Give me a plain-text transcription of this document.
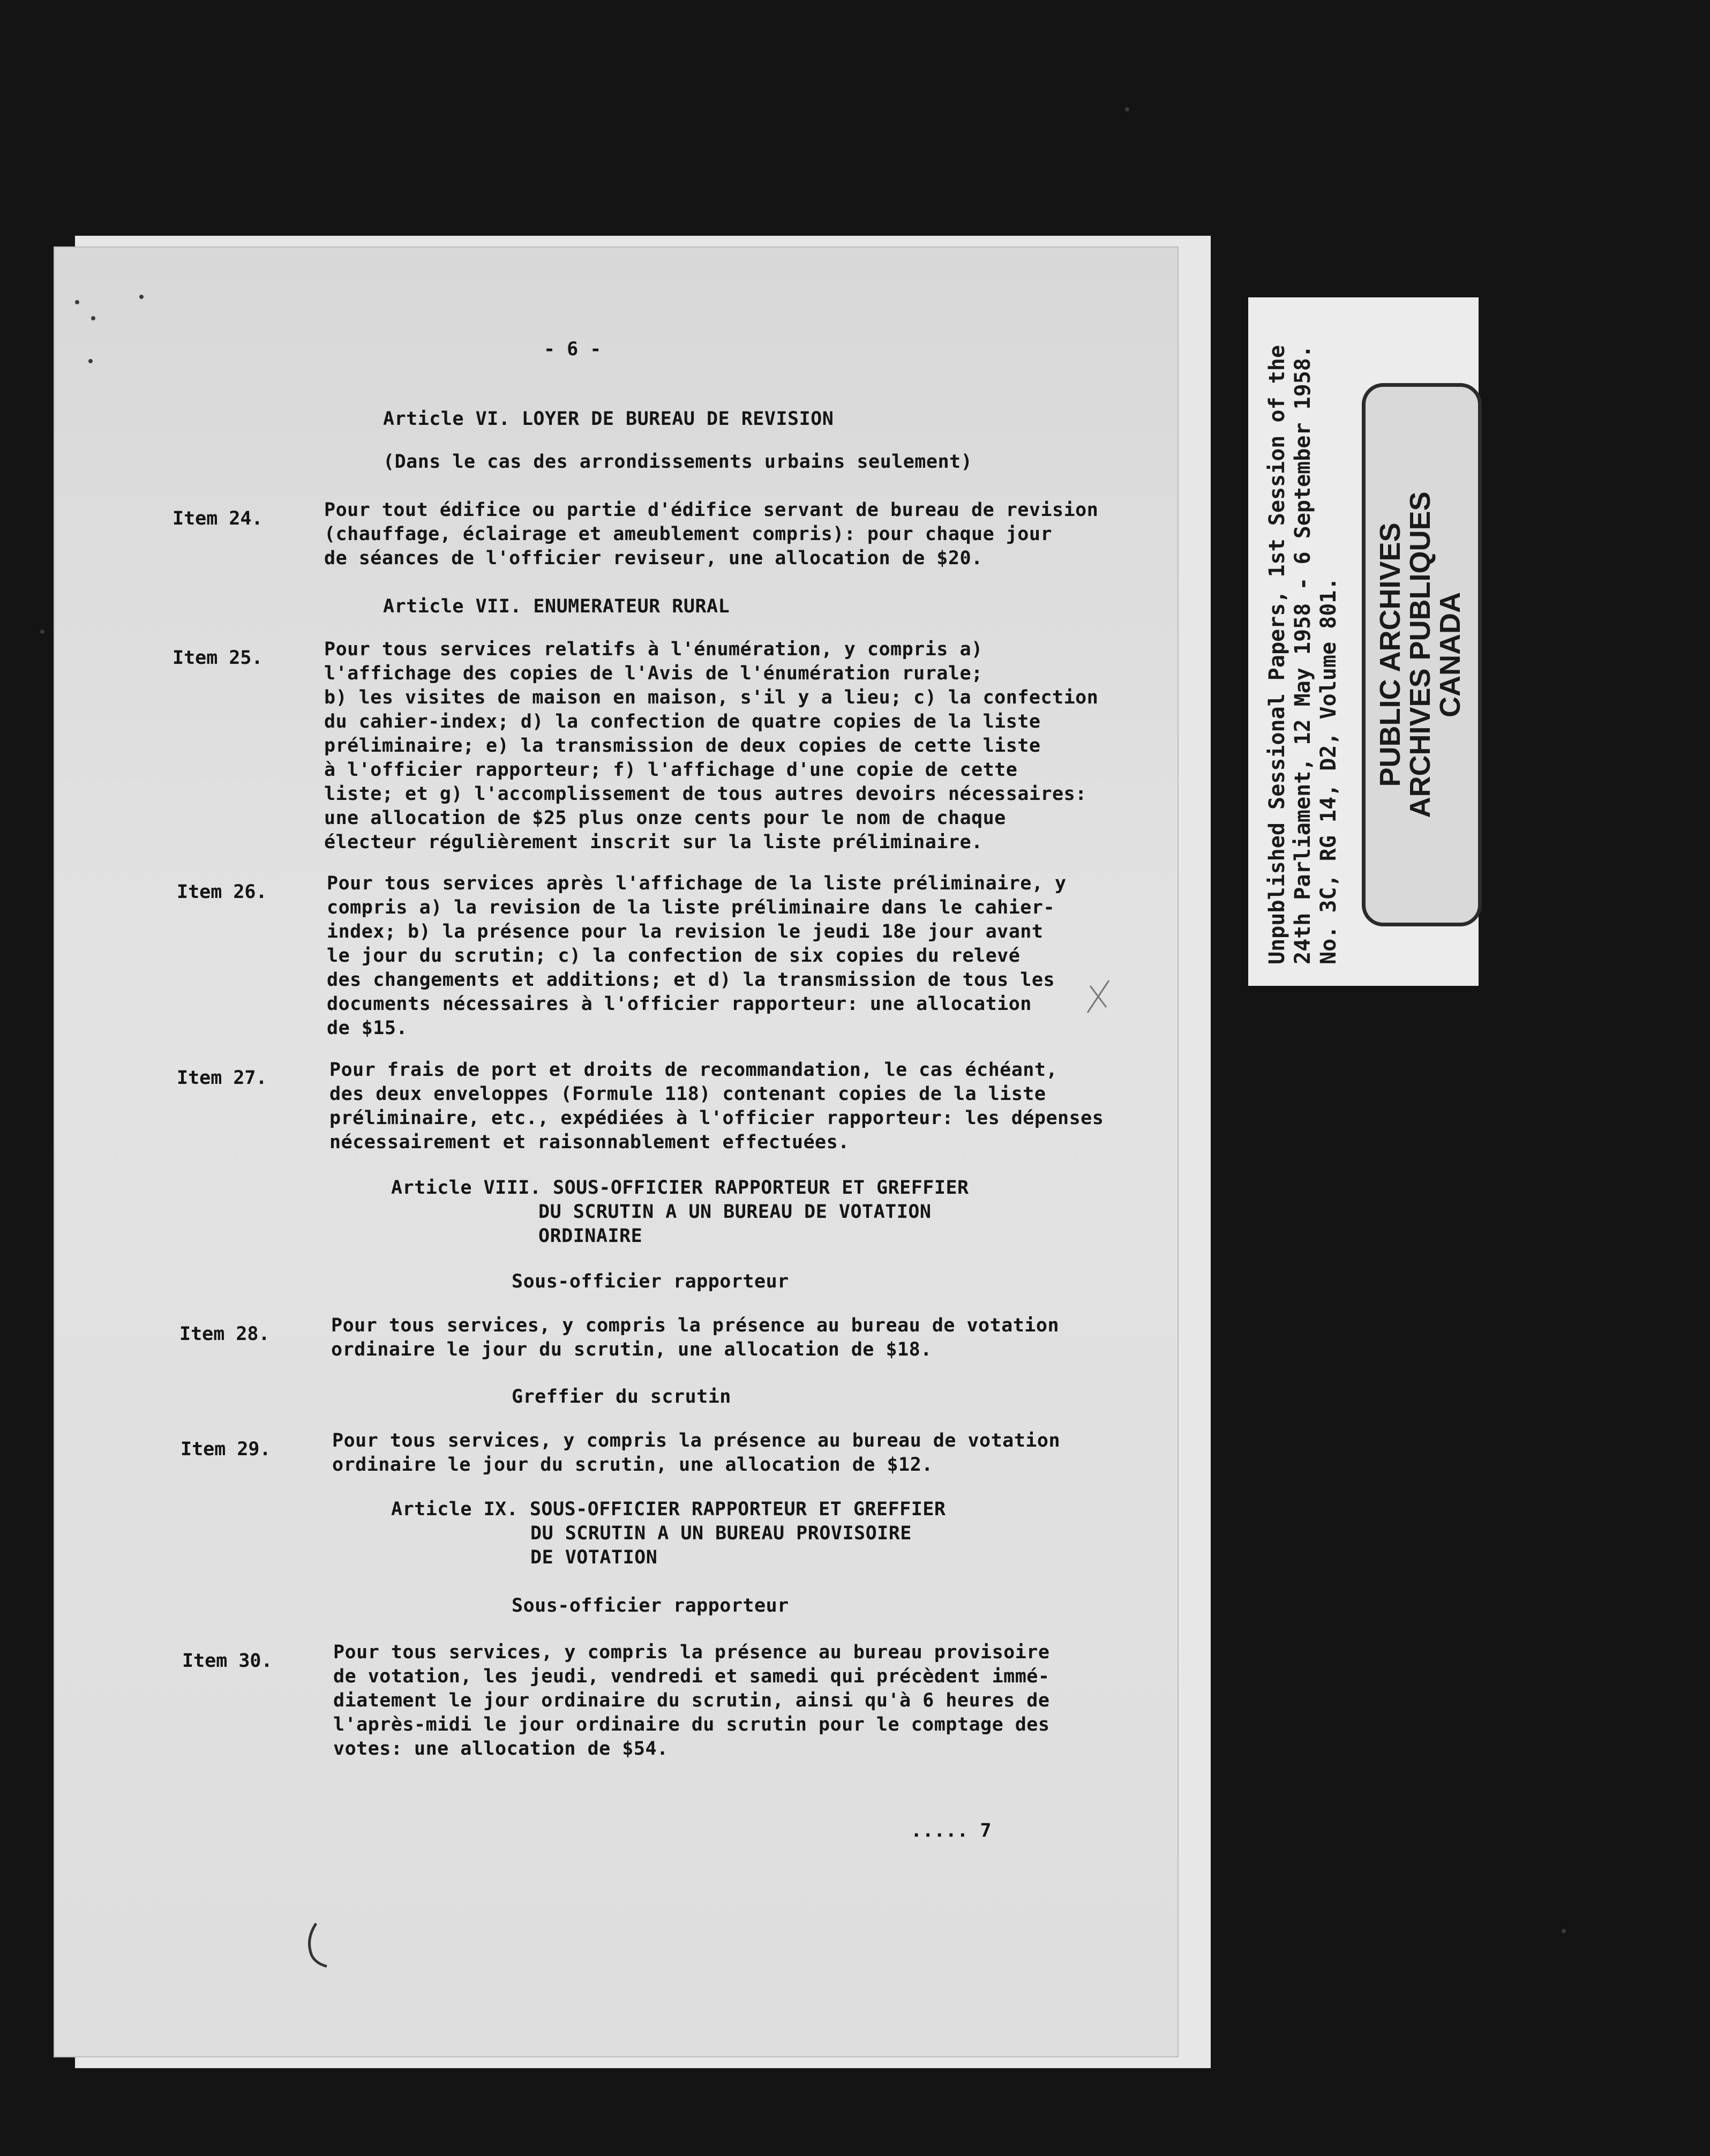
- 6 -
Article VI. LOYER DE BUREAU DE REVISION
(Dans le cas des arrondissements urbains seulement)
Item 24.	Pour tout édifice ou partie d'édifice servant de bureau de revision
(chauffage, éclairage et ameublement compris): pour chaque jour
de séances de l'officier reviseur, une allocation de $20.
Article VII. ENUMERATEUR RURAL
Item 25.	Pour tous services relatifs à l'énumération, y compris a)
l'affichage des copies de l'Avis de l'énumération rurale;
b) les visites de maison en maison, s'il y a lieu; c) la confection
du cahier-index; d) la confection de quatre copies de la liste
préliminaire; e) la transmission de deux copies de cette liste
à l'officier rapporteur; f) l'affichage d'une copie de cette
liste; et g) l'accomplissement de tous autres devoirs nécessaires:
une allocation de $25 plus onze cents pour le nom de chaque
électeur régulièrement inscrit sur la liste préliminaire.
Item 26.	Pour tous services après l'affichage de la liste préliminaire, y
compris a) la revision de la liste préliminaire dans le cahier-
index; b) la présence pour la revision le jeudi 18e jour avant
le jour du scrutin; c) la confection de six copies du relevé
des changements et additions; et d) la transmission de tous les
documents nécessaires à l'officier rapporteur: une allocation
de $15.
Item 27.	Pour frais de port et droits de recommandation, le cas échéant,
des deux enveloppes (Formule 118) contenant copies de la liste
préliminaire, etc., expédiées à l'officier rapporteur: les dépenses
nécessairement et raisonnablement effectuées.
Article VIII. SOUS-OFFICIER RAPPORTEUR ET GREFFIER
DU SCRUTIN A UN BUREAU DE VOTATION
ORDINAIRE
Sous-officier rapporteur
Item 28.	Pour tous services, y compris la présence au bureau de votation
ordinaire le jour du scrutin, une allocation de $18.
Greffier du scrutin
Item 29.	Pour tous services, y compris la présence au bureau de votation
ordinaire le jour du scrutin, une allocation de $12.
Article IX. SOUS-OFFICIER RAPPORTEUR ET GREFFIER
DU SCRUTIN A UN BUREAU PROVISOIRE
DE VOTATION
Sous-officier rapporteur
Item 30.	Pour tous services, y compris la présence au bureau provisoire
de votation, les jeudi, vendredi et samedi qui précèdent immé-
diatement le jour ordinaire du scrutin, ainsi qu'à 6 heures de
l'après-midi le jour ordinaire du scrutin pour le comptage des
votes: une allocation de $54.
..... 7
Unpublished Sessional Papers, 1st Session of the 24th Parliament, 12 May 1958 - 6 September 1958. No. 3C, RG 14, D2, Volume 801. PUBLIC ARCHIVES
ARCHIVES PUBLIQUES
CANADA
